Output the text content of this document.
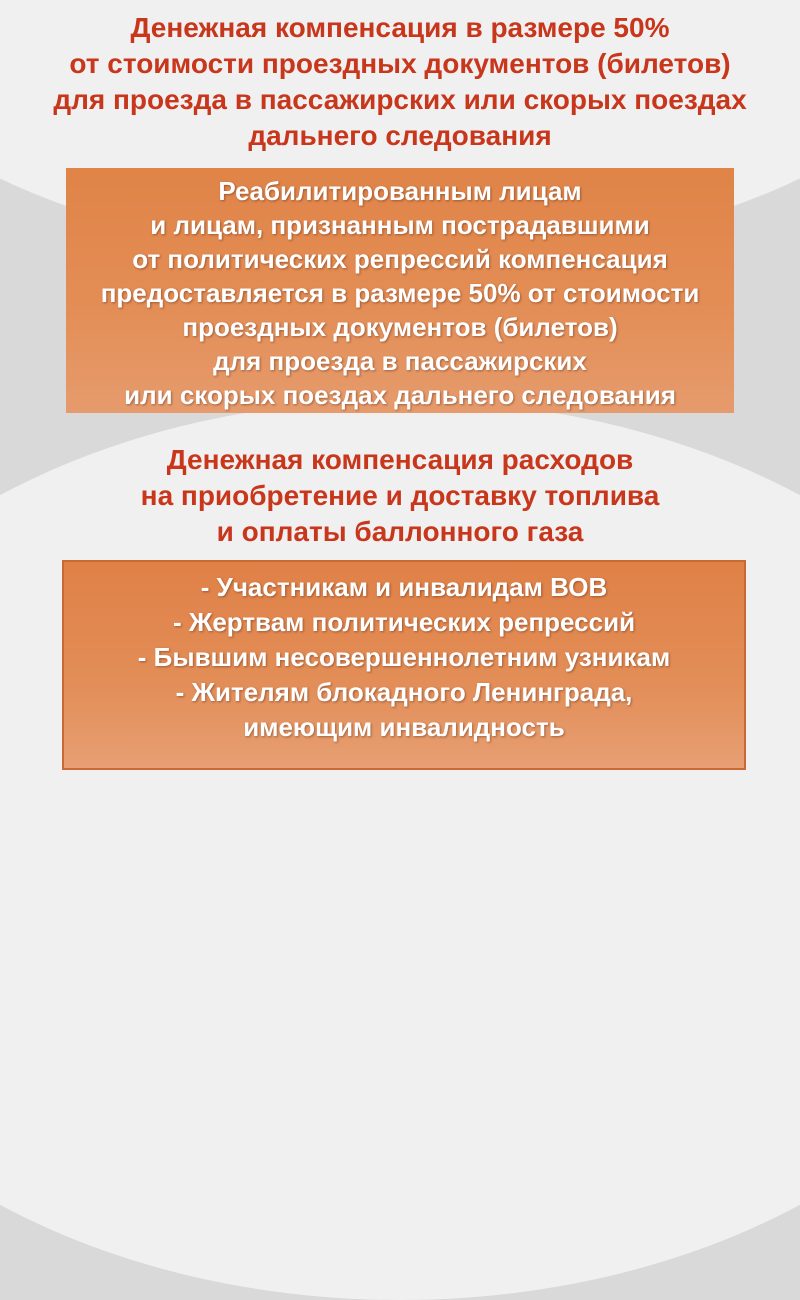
Денежная компенсация в размере 50%
от стоимости проездных документов (билетов)
для проезда в пассажирских или скорых поездах
дальнего следования
Реабилитированным лицам
и лицам, признанным пострадавшими
от политических репрессий компенсация
предоставляется в размере 50% от стоимости
проездных документов (билетов)
для проезда в пассажирских
или скорых поездах дальнего следования
Денежная компенсация расходов
на приобретение и доставку топлива
и оплаты баллонного газа
- Участникам и инвалидам ВОВ
- Жертвам политических репрессий
- Бывшим несовершеннолетним узникам
- Жителям блокадного Ленинграда,
имеющим инвалидность
